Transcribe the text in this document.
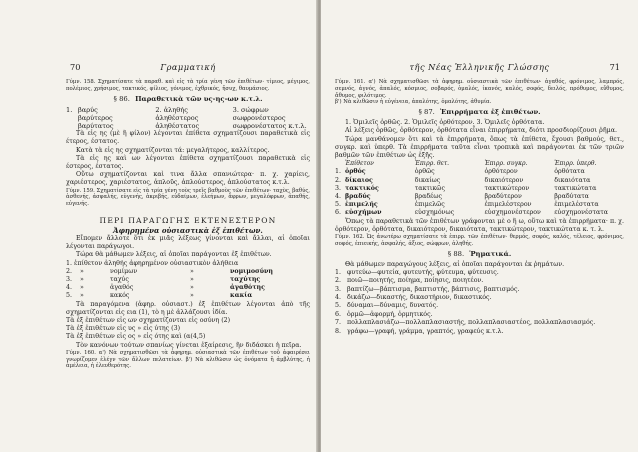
70	Γραμματική

Γύμν. 158. Σχηματίσατε τὰ παραθ. καὶ εἰς τὰ τρία γένη τῶν ἐπιθέτων· τίμιος, μέγιμος, πολέμιος, χρήσιμος, τακτικός, φίλιος, γόνιμος, ἐχθρικός, ἥσυχ, θαυμάσιος.

§ 86. Παραθετικὰ τῶν υς-ης-ων κ.τ.λ.
1. βαρύς	2. ἀληθής	3. σώφρων
βαρύτερος	ἀληθέστερος	σωφρονέστερος
βαρύτατος	ἀληθέστατος	σωφρονέστατος κ.τ.λ.

Τὰ εἰς ης (μὲ ἢ φίλον) λέγονται ἐπίθετα σχηματίζουσι παραθετικὰ εἰς έτερος, έστατος.

Κατὰ τὰ εἰς ης σχηματίζονται τά: μεγαλήτερος, καλλίτερος.

Τὰ εἰς ης καὶ ων λέγονται ἐπίθετα σχηματίζουσι παραθετικὰ εἰς έστερος, έστατος.

Οὕτω σχηματίζονται καὶ τινα ἄλλα σπανιώτερα· π. χ. χαρίεις, χαριέστερος, χαριέστατος, ἁπλοῦς, ἁπλούστερος, ἁπλούστατος κ.τ.λ.

Γύμν. 159. Σχηματίσατε εἰς τὰ τρία γένη τοὺς τρεῖς βαθμοὺς τῶν ἐπιθέτων· ταχὺς, βαθύς, ἀσθενής, ἀσφαλής, εὐγενής, ἀκριβής, εὐδαίμων, ἐλεήμων, ἄφρων, μεγαλόφρων, ἀπαθής, εὐγενής.

ΠΕΡΙ ΠΑΡΑΓΩΓΗΣ ΕΚΤΕΝΕΣΤΕΡΟΝ
Ἀφηρημένα οὐσιαστικὰ ἐξ ἐπιθέτων.

Εἴπομεν ἄλλοτε ὅτι ἐκ μιᾶς λέξεως γίνονται καὶ ἄλλαι, αἱ ὁποῖαι λέγονται παράγωγοι.

Τώρα θὰ μάθωμεν λέξεις, αἱ ὁποῖαι παράγονται ἐξ ἐπιθέτων.

1. ἐπίθετον ἀληθής ἀφηρημένον οὐσιαστικὸν ἀλήθεια

2.	»	νομίμων	»	νομιμοσύνη
3.	»	ταχύς	»	ταχύτης
4.	»	ἀγαθός	»	ἀγαθότης
5.	»	κακός	»	κακία

Τὰ παραγόμενα (ἀφηρ. οὐσιαστ.) ἐξ ἐπιθέτων λέγονται ἀπὸ τῆς σχηματίζονται εἰς εια (1), τὸ η μὲ ἀλλάζουσι ἰδία.

Τὰ ἐξ ἐπιθέτων εἰς ων σχηματίζονται εἰς οσύνη (2)

Τὰ ἐξ ἐπιθέτων εἰς υς » εἰς ύτης (3)

Τὰ ἐξ ἐπιθέτων εἰς ος » εἰς ότης καὶ (α(4,5)

Τὸν κανόνων τούτων σπανίως γίνεται ἐξαίρεσις, ἣν διδάσκει ἡ πεῖρα.

Γύμν. 160. α') Νὰ σχηματισθῶσι τὰ ἀφηρημ. οὐσιαστικὰ τῶν ἐπιθέτων τοῦ ἀφαιρέσει γνωρίζομεν ἐλέγν τῶν ἄλλων πελατείων. β') Νὰ κλιθῶσιν ὡς ὀνόματα ἢ ἀμβλύτης, ἡ ἀμέλεια, ἡ ἐλευθερότης.

τῆς Νέας Ἑλληνικῆς Γλώσσης	71

Γύμν. 161. α') Νὰ σχηματισθῶσι τὰ ἀφηρημ. οὐσιαστικὰ τῶν ἐπιθέτων· ἀγαθός, φρόνιμος, λαμπρός, σεμνός, ἁγνός, ἁπαλός, κόσμιος, σοβαρός, ὁμαλός, ἱκανός, καλός, σοφός, δειλός, πρόθυμος, εὔθυμος, ἄθυμος, φιλότιμος.

β') Νὰ κλιθῶσιν ἡ εὐγένεια, ἀπαλότης, ὁμαλότης, ἀθυμία.

§ 87. Ἐπιρρήματα ἐξ ἐπιθέτων.

1. Ὁμιλεῖς ὀρθῶς. 2. Ὁμιλεῖς ὀρθότερον. 3. Ὁμιλεῖς ὀρθότατα.

Αἱ λέξεις ὀρθῶς, ὀρθότερον, ὀρθότατα εἶναι ἐπιρρήματα, διότι προσδιορίζουσι ῥῆμα.

Τώρα μανθάνομεν ὅτι καὶ τὰ ἐπιρρήματα, ὅπως τὰ ἐπίθετα, ἔχουσι βαθμούς, θετ., συγκρ. καὶ ὑπερθ. Τὰ ἐπιρρήματα ταῦτα εἶναι τροπικὰ καὶ παράγονται ἐκ τῶν τριῶν βαθμῶν τῶν ἐπιθέτων ὡς ἑξῆς.

Ἐπίθετον	Ἐπιρρ. θετ.	Ἐπιρρ. συγκρ.	Ἐπιρρ. ὑπερθ.
1. ὀρθός	ὀρθῶς	ὀρθότερον	ὀρθότατα
2. δίκαιος	δικαίως	δικαιότερον	δικαιότατα
3. τακτικός	τακτικῶς	τακτικώτερον	τακτικώτατα
4. βραδύς	βραδέως	βραδύτερον	βραδύτατα
5. ἐπιμελής	ἐπιμελῶς	ἐπιμελέστερον	ἐπιμελέστατα
6. εὐσχήμων	εὐσχημόνως	εὐσχημονέστερον	εὐσχημονέστατα

Ὅπως τὰ παραθετικὰ τῶν ἐπιθέτων γράφονται μὲ ο ἢ ω, οὕτω καὶ τὰ ἐπιρρήματα· π. χ. ὀρθότερον, ὀρθότατα, δικαιότερον, δικαιότατα, τακτικώτερον, τακτικώτατα κ. τ. λ.

Γύμν. 162. Ὡς ἀνωτέρω σχηματίσατε τὰ ἐπιρρ. τῶν ἐπιθέτων· θερμός, σοφός, καλός, τέλειος, φρόνιμος, σοφός, ἐπιεικής, ἀσφαλής, ἀξιος, σώφρων, ἀληθής.

§ 88. Ῥηματικά.

Θὰ μάθωμεν παραγώγους λέξεις, αἱ ὁποῖαι παράγονται ἐκ ῥημάτων.

1. φυτεύω—φυτεία, φυτευτής, φύτευμα, φύτευσις.
2. ποιῶ—ποιητής, ποίημα, ποίησις, ποιητέον.
3. βαπτίζω—βάπτισμα, βαπτιστής, βάπτισις, βαπτισμός.
4. δικάζω—δικαστής, δικαστήριον, δικαστικός.
5. δύναμαι—δύναμις, δυνατός.
6. ὁρμῶ—ἀφορμή, ὁρμητικός.
7. πολλαπλασιάζω—πολλαπλασιαστής, πολλαπλασιαστέος, πολλαπλασιασμός.
8. γράφω—γραφή, γράμμα, γραπτός, γραφεύς κ.τ.λ.
